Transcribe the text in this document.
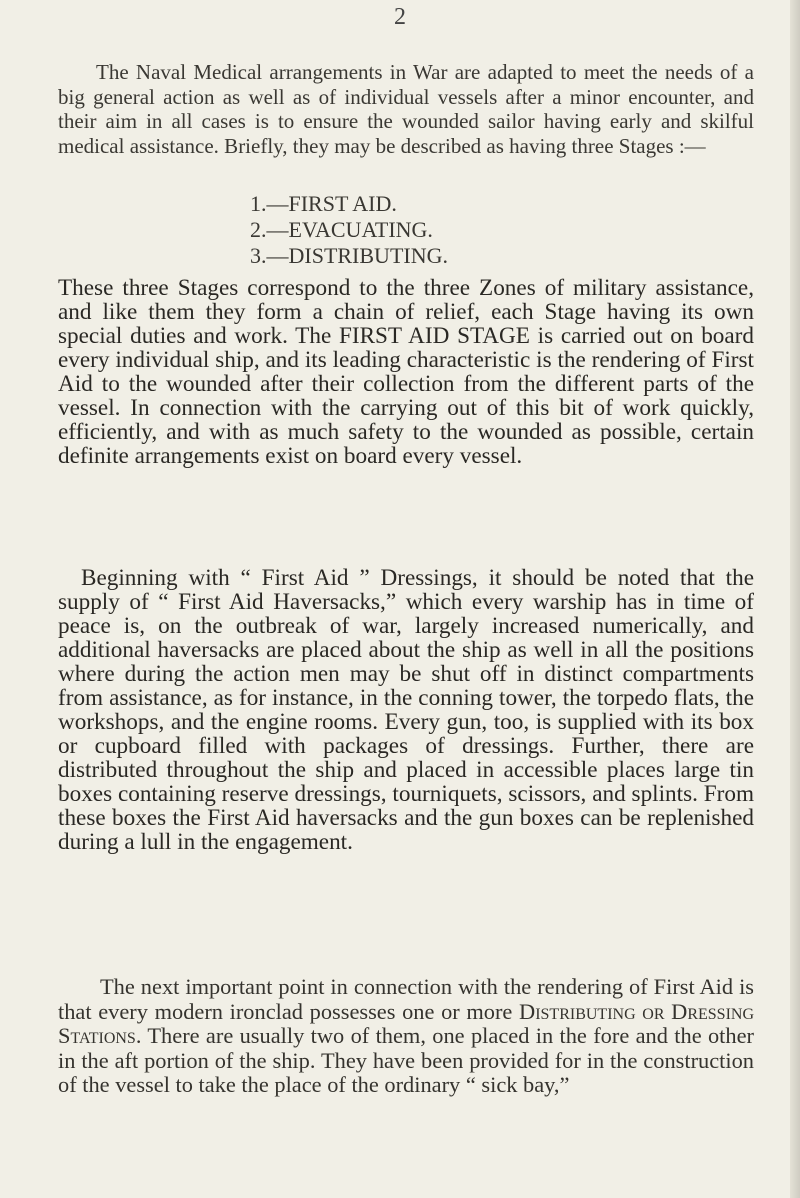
2

The Naval Medical arrangements in War are adapted to meet the needs of a big general action as well as of individual vessels after a minor encounter, and their aim in all cases is to ensure the wounded sailor having early and skilful medical assistance. Briefly, they may be described as having three Stages :—

1.—FIRST AID.
2.—EVACUATING.
3.—DISTRIBUTING.

These three Stages correspond to the three Zones of military assistance, and like them they form a chain of relief, each Stage having its own special duties and work. The FIRST AID STAGE is carried out on board every individual ship, and its leading characteristic is the rendering of First Aid to the wounded after their collection from the different parts of the vessel. In connection with the carrying out of this bit of work quickly, efficiently, and with as much safety to the wounded as possible, certain definite arrangements exist on board every vessel.

Beginning with “ First Aid ” Dressings, it should be noted that the supply of “ First Aid Haversacks,” which every warship has in time of peace is, on the outbreak of war, largely increased numerically, and additional haversacks are placed about the ship as well in all the positions where during the action men may be shut off in distinct compartments from assistance, as for instance, in the conning tower, the torpedo flats, the workshops, and the engine rooms. Every gun, too, is supplied with its box or cupboard filled with packages of dressings. Further, there are distributed throughout the ship and placed in accessible places large tin boxes containing reserve dressings, tourniquets, scissors, and splints. From these boxes the First Aid haversacks and the gun boxes can be replenished during a lull in the engagement.

The next important point in connection with the rendering of First Aid is that every modern ironclad possesses one or more Distributing or Dressing Stations. There are usually two of them, one placed in the fore and the other in the aft portion of the ship. They have been provided for in the construction of the vessel to take the place of the ordinary “ sick bay,”
